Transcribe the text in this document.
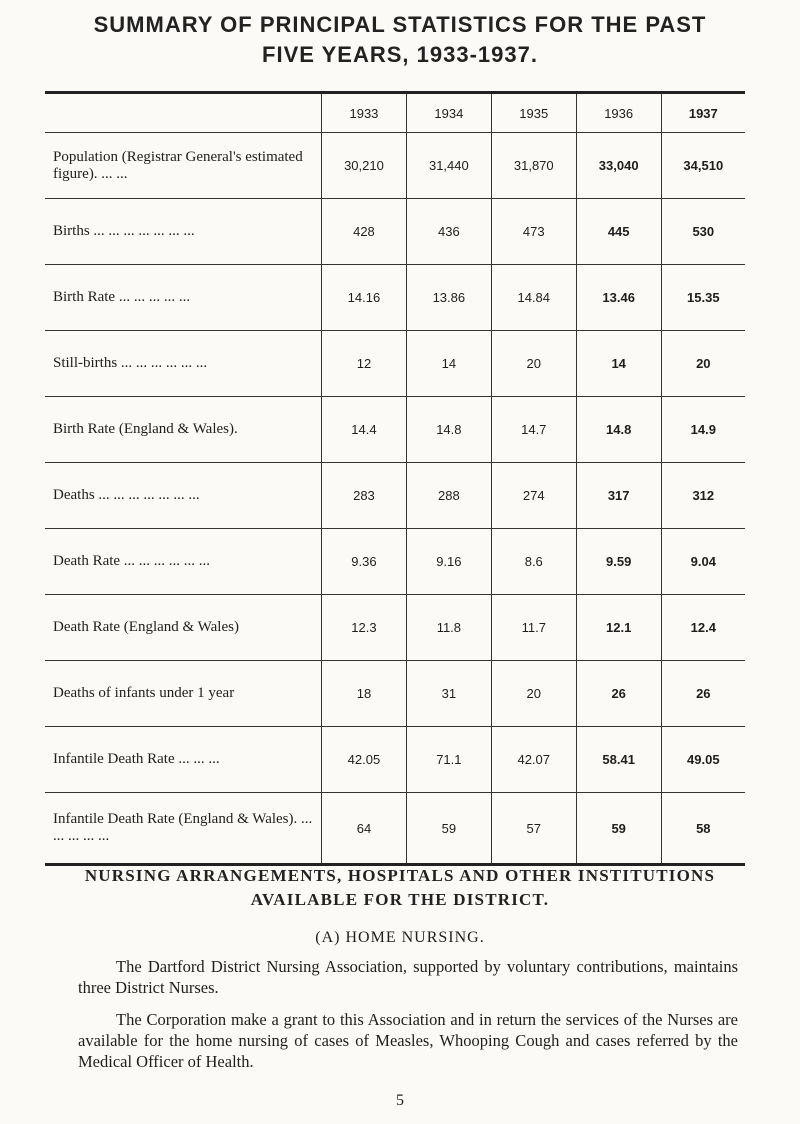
SUMMARY OF PRINCIPAL STATISTICS FOR THE PAST
FIVE YEARS, 1933-1937.
	1933	1934	1935	1936	1937
Population (Registrar General's estimated figure). ... ...	30,210	31,440	31,870	33,040	34,510
Births ... ... ... ... ... ... ...	428	436	473	445	530
Birth Rate ... ... ... ... ...	14.16	13.86	14.84	13.46	15.35
Still-births ... ... ... ... ... ...	12	14	20	14	20
Birth Rate (England & Wales).	14.4	14.8	14.7	14.8	14.9
Deaths ... ... ... ... ... ... ...	283	288	274	317	312
Death Rate ... ... ... ... ... ...	9.36	9.16	8.6	9.59	9.04
Death Rate (England & Wales)	12.3	11.8	11.7	12.1	12.4
Deaths of infants under 1 year	18	31	20	26	26
Infantile Death Rate ... ... ...	42.05	71.1	42.07	58.41	49.05
Infantile Death Rate (England & Wales). ... ... ... ... ...	64	59	57	59	58
NURSING ARRANGEMENTS, HOSPITALS AND OTHER INSTITUTIONS
AVAILABLE FOR THE DISTRICT.
(A) HOME NURSING.
The Dartford District Nursing Association, supported by voluntary contributions, maintains three District Nurses.
The Corporation make a grant to this Association and in return the services of the Nurses are available for the home nursing of cases of Measles, Whooping Cough and cases referred by the Medical Officer of Health.
5
